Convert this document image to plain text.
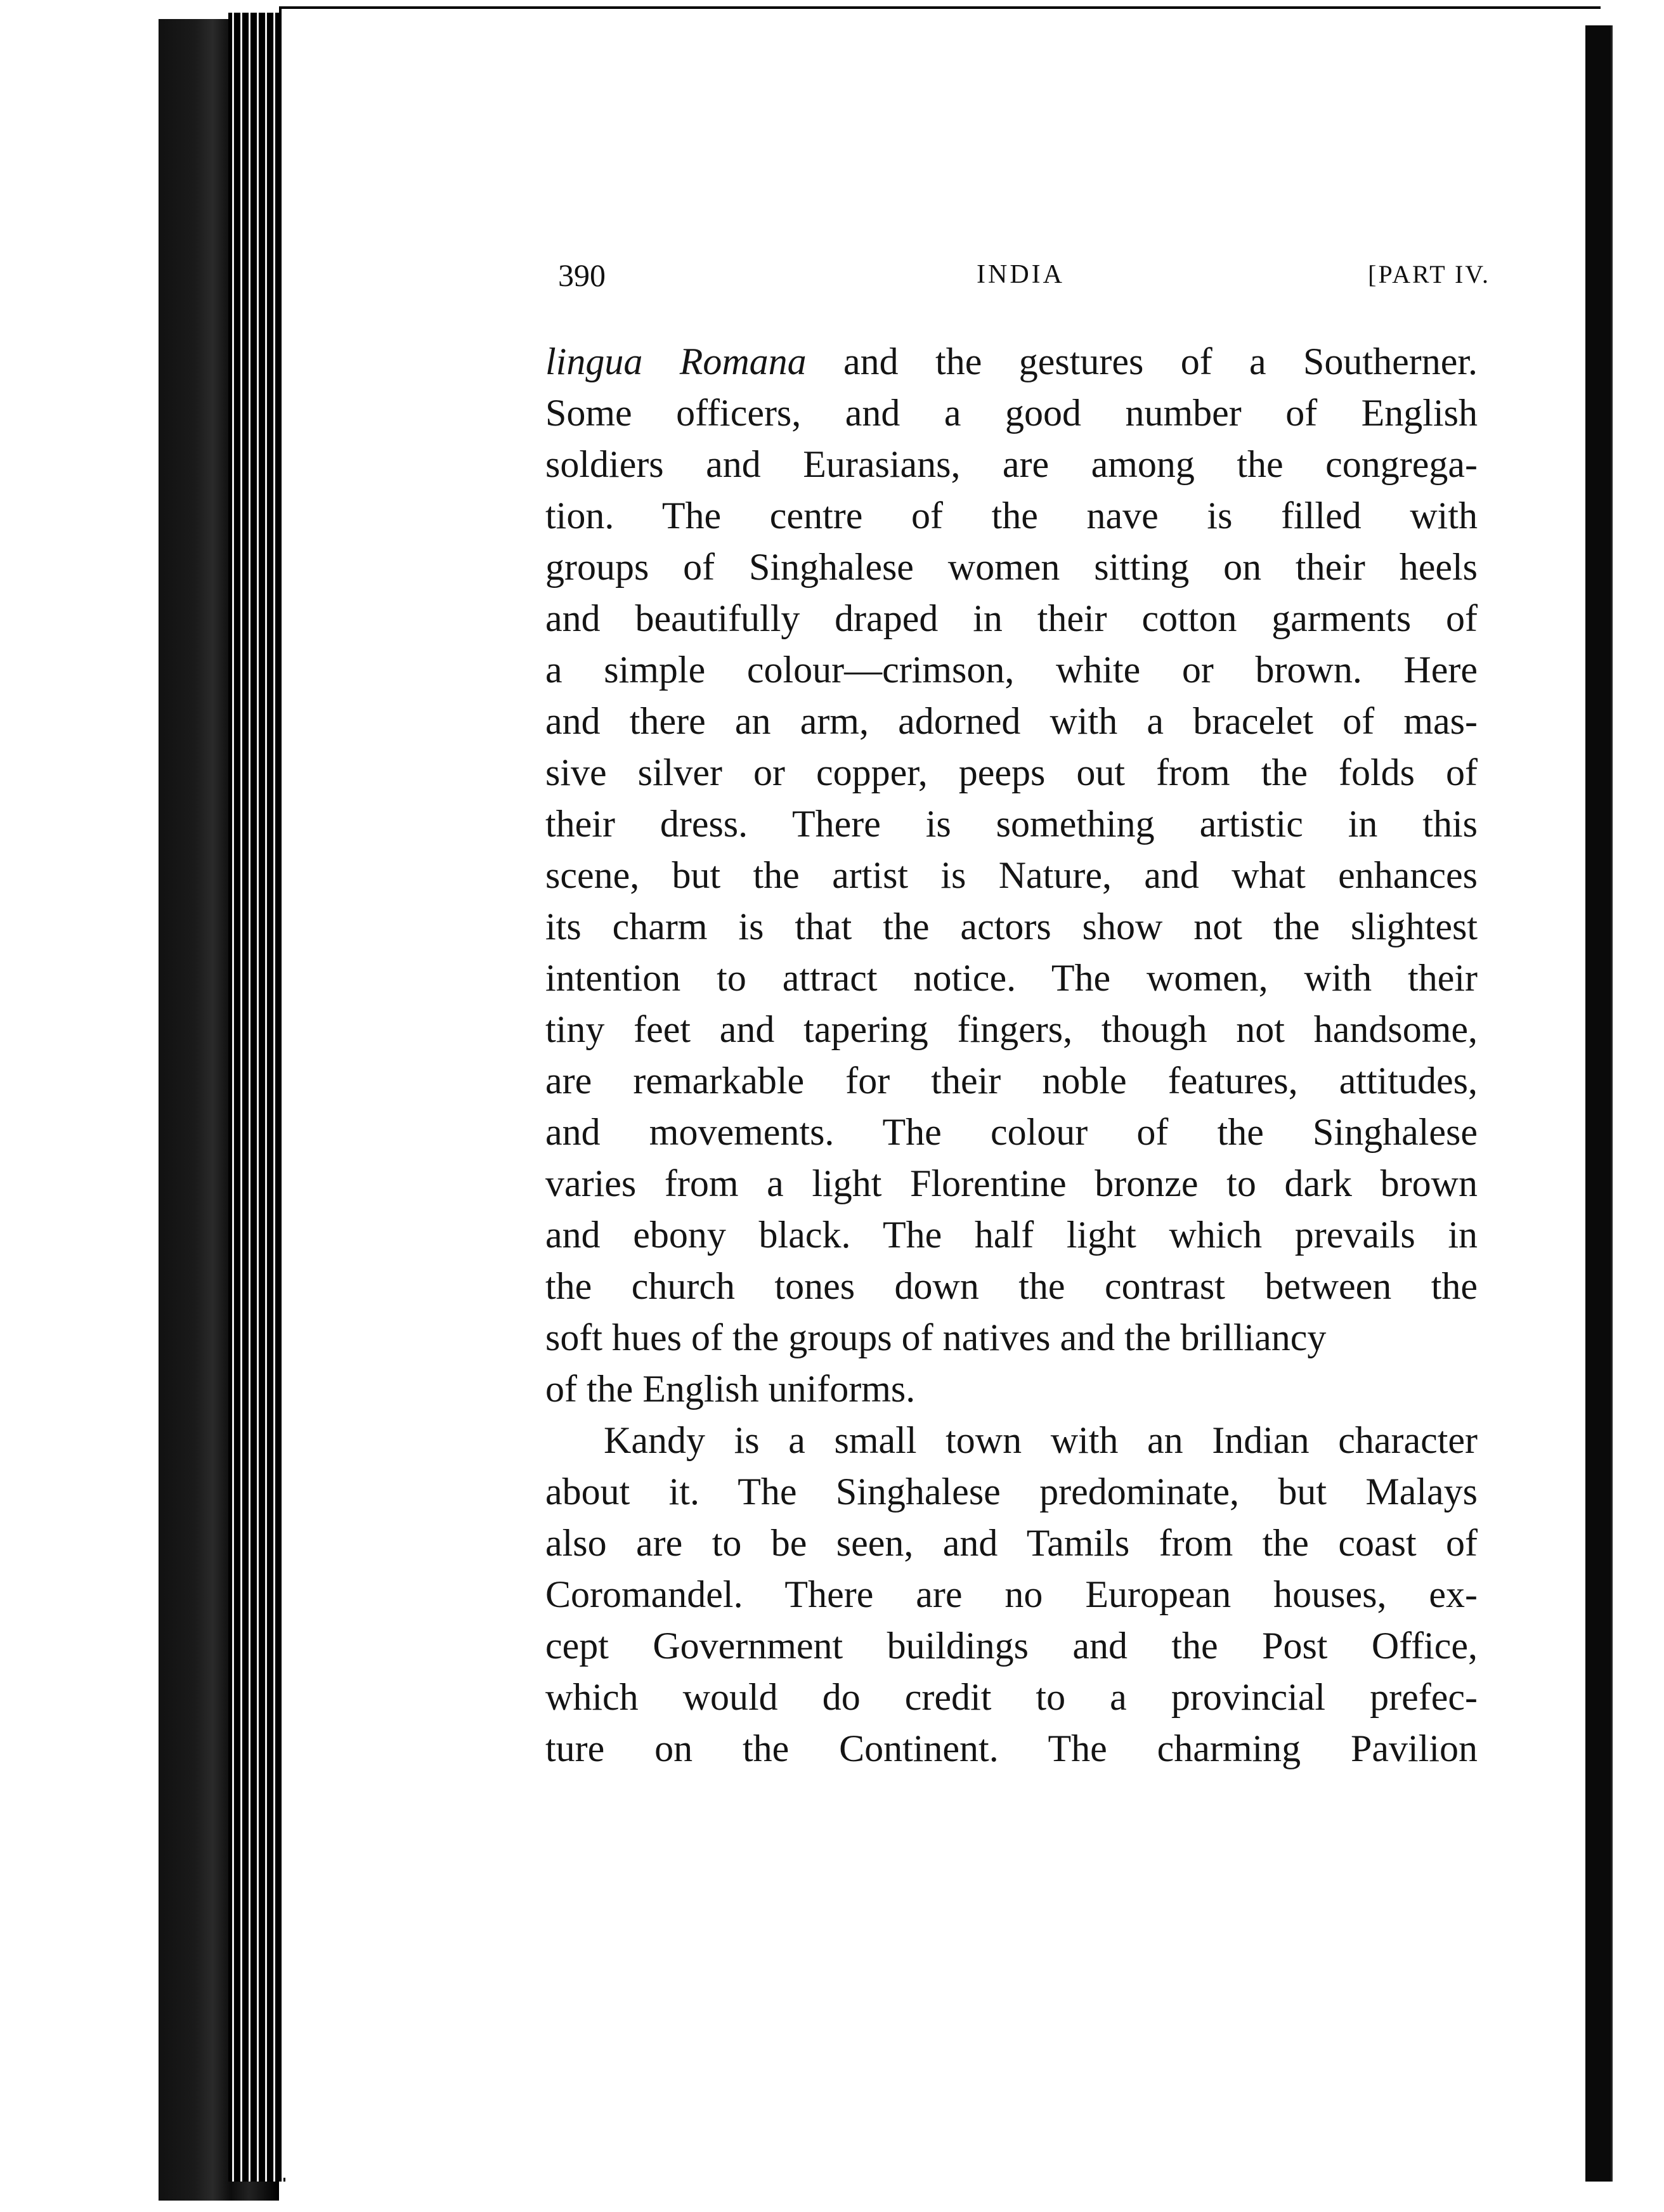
390	INDIA	[PART IV.
lingua Romana and the gestures of a Southerner.
Some officers, and a good number of English
soldiers and Eurasians, are among the congrega-
tion. The centre of the nave is filled with
groups of Singhalese women sitting on their heels
and beautifully draped in their cotton garments of
a simple colour—crimson, white or brown. Here
and there an arm, adorned with a bracelet of mas-
sive silver or copper, peeps out from the folds of
their dress. There is something artistic in this
scene, but the artist is Nature, and what enhances
its charm is that the actors show not the slightest
intention to attract notice. The women, with their
tiny feet and tapering fingers, though not handsome,
are remarkable for their noble features, attitudes,
and movements. The colour of the Singhalese
varies from a light Florentine bronze to dark brown
and ebony black. The half light which prevails in
the church tones down the contrast between the
soft hues of the groups of natives and the brilliancy
of the English uniforms.
Kandy is a small town with an Indian character
about it. The Singhalese predominate, but Malays
also are to be seen, and Tamils from the coast of
Coromandel. There are no European houses, ex-
cept Government buildings and the Post Office,
which would do credit to a provincial prefec-
ture on the Continent. The charming Pavilion
